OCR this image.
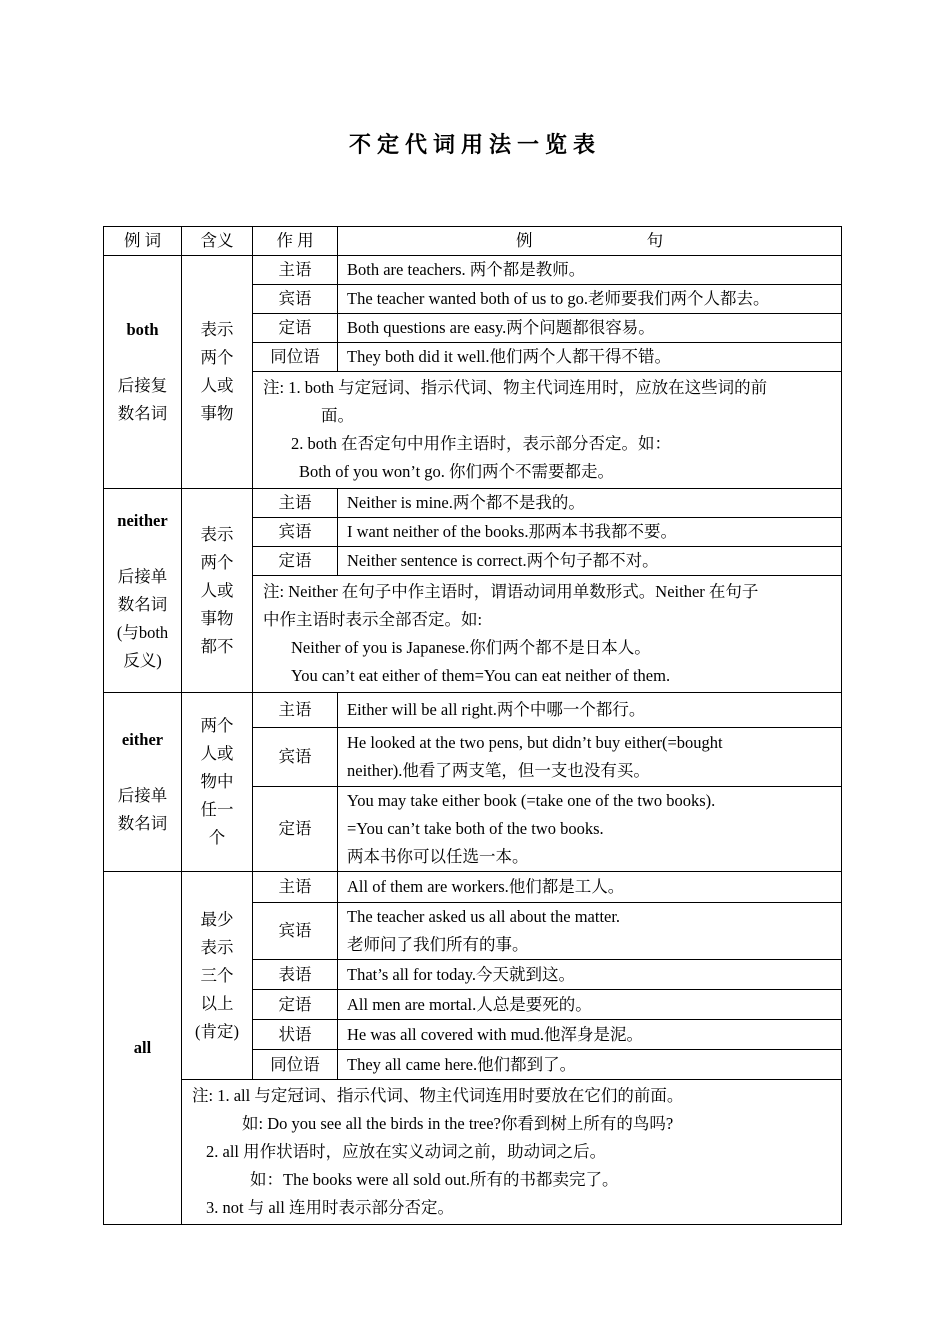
不定代词用法一览表
例 词	含义	作 用	例 句

both
后接复数名词	表示两个人或事物	主语	Both are teachers. 两个都是教师。
		宾语	The teacher wanted both of us to go.老师要我们两个人都去。
		定语	Both questions are easy.两个问题都很容易。
		同位语	They both did it well.他们两个人都干得不错。

		注: 1. both 与定冠词、指示代词、物主代词连用时，应放在这些词的前
面。
2. both 在否定句中用作主语时，表示部分否定。如：
Both of you won’t go. 你们两个不需要都走。	

neither
后接单数名词(与both反义)	表示两个人或事物都不	主语	Neither is mine.两个都不是我的。
		宾语	I want neither of the books.那两本书我都不要。
		定语	Neither sentence is correct.两个句子都不对。

		注: Neither 在句子中作主语时，谓语动词用单数形式。Neither 在句子
中作主语时表示全部否定。如:
Neither of you is Japanese.你们两个都不是日本人。
You can’t eat either of them=You can eat neither of them.	

either
后接单数名词	两个人或物中任一个	主语	Either will be all right.两个中哪一个都行。

		宾语	He looked at the two pens, but didn’t buy either(=bought
neither).他看了两支笔，但一支也没有买。

		定语	You may take either book (=take one of the two books).
=You can’t take both of the two books.
两本书你可以任选一本。

all	最少表示三个以上(肯定)	主语	All of them are workers.他们都是工人。

		宾语	The teacher asked us all about the matter.
老师问了我们所有的事。

		表语	That’s all for today.今天就到这。

		定语	All men are mortal.人总是要死的。

		状语	He was all covered with mud.他浑身是泥。

		同位语	They all came here.他们都到了。

	注: 1. all 与定冠词、指示代词、物主代词连用时要放在它们的前面。
如: Do you see all the birds in the tree?你看到树上所有的鸟吗?
2. all 用作状语时，应放在实义动词之前，助动词之后。
如：The books were all sold out.所有的书都卖完了。
3. not 与 all 连用时表示部分否定。		
